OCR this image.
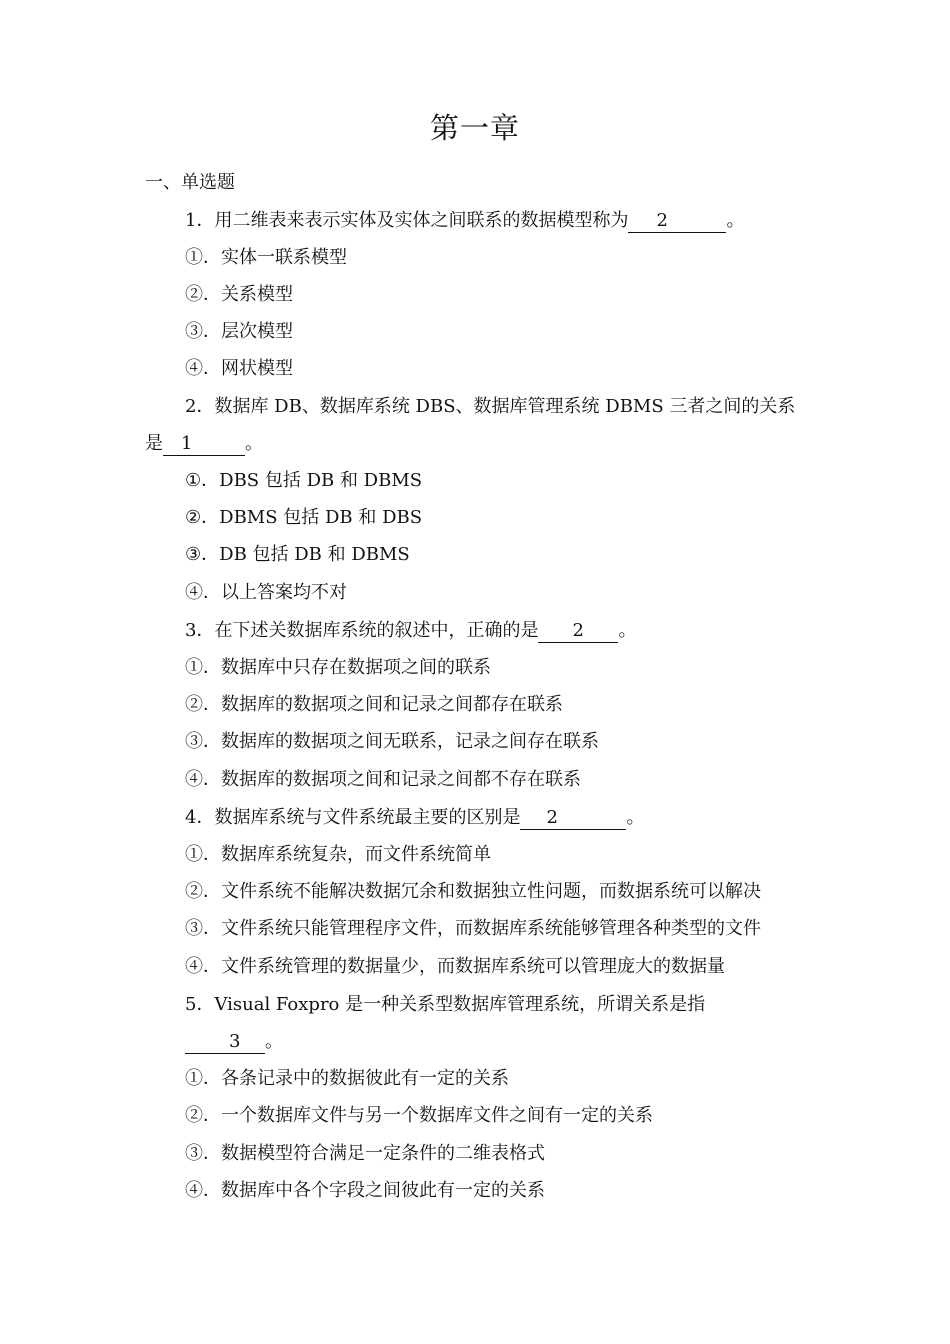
第一章
一、单选题
1．用二维表来表示实体及实体之间联系的数据模型称为 2	。
①．实体一联系模型
②．关系模型
③．层次模型
④．网状模型
2．数据库 DB、数据库系统 DBS、数据库管理系统 DBMS 三者之间的关系
是 1	。
①．DBS 包括 DB 和 DBMS
②．DBMS 包括 DB 和 DBS
③．DB 包括 DB 和 DBMS
④．以上答案均不对
3．在下述关数据库系统的叙述中，正确的是 2 。
①．数据库中只存在数据项之间的联系
②．数据库的数据项之间和记录之间都存在联系
③．数据库的数据项之间无联系，记录之间存在联系
④．数据库的数据项之间和记录之间都不存在联系
4．数据库系统与文件系统最主要的区别是 2	。
①．数据库系统复杂，而文件系统简单
②．文件系统不能解决数据冗余和数据独立性问题，而数据系统可以解决
③．文件系统只能管理程序文件，而数据库系统能够管理各种类型的文件
④．文件系统管理的数据量少，而数据库系统可以管理庞大的数据量
5．Visual Foxpro 是一种关系型数据库管理系统，所谓关系是指
3 。
①．各条记录中的数据彼此有一定的关系
②．一个数据库文件与另一个数据库文件之间有一定的关系
③．数据模型符合满足一定条件的二维表格式
④．数据库中各个字段之间彼此有一定的关系
